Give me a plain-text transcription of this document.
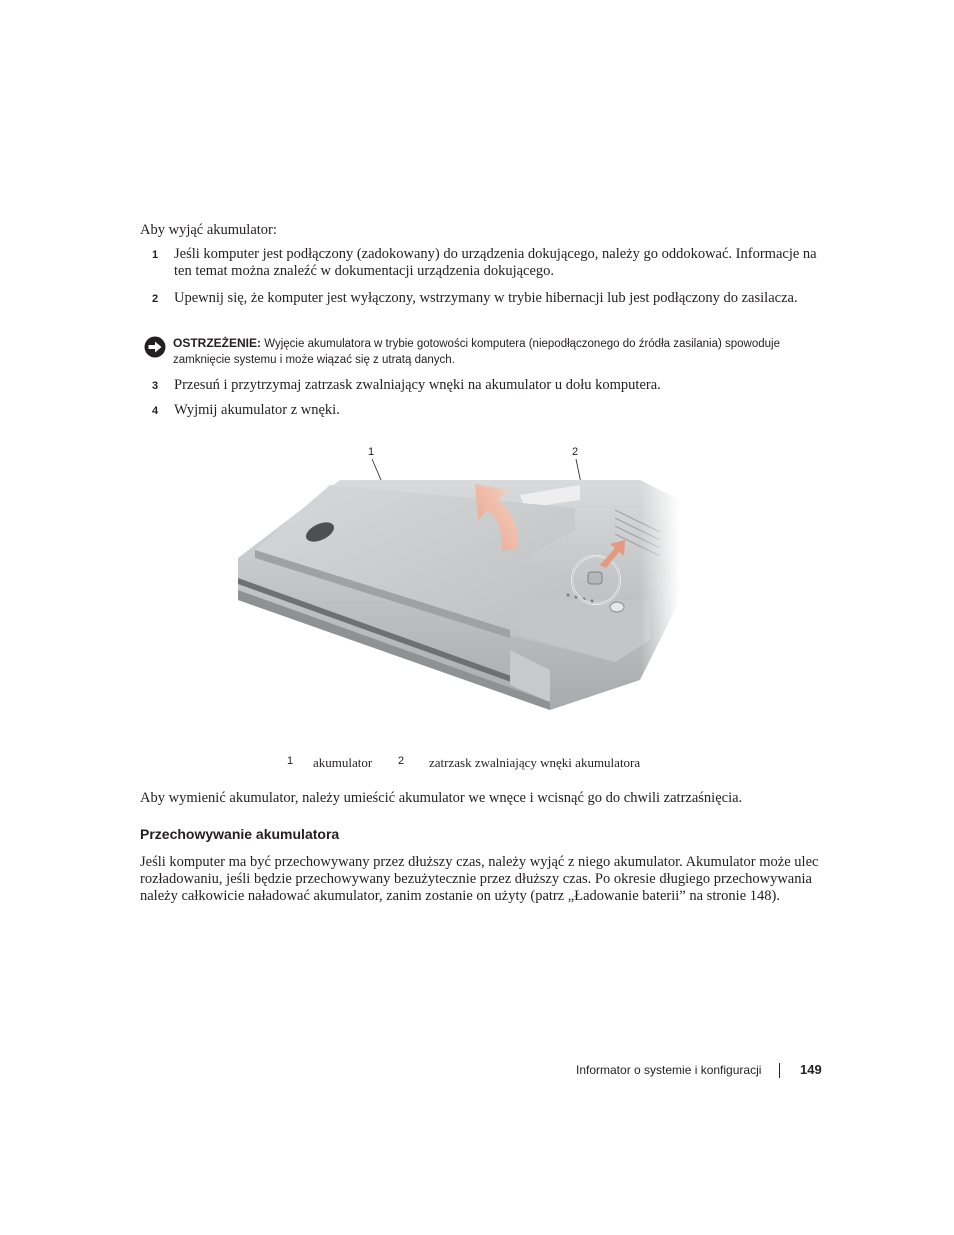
Aby wyjąć akumulator:
1 Jeśli komputer jest podłączony (zadokowany) do urządzenia dokującego, należy go oddokować. Informacje na ten temat można znaleźć w dokumentacji urządzenia dokującego.
2 Upewnij się, że komputer jest wyłączony, wstrzymany w trybie hibernacji lub jest podłączony do zasilacza.
OSTRZEŻENIE: Wyjęcie akumulatora w trybie gotowości komputera (niepodłączonego do źródła zasilania) spowoduje zamknięcie systemu i może wiązać się z utratą danych.
3 Przesuń i przytrzymaj zatrzask zwalniający wnęki na akumulator u dołu komputera.
4 Wyjmij akumulator z wnęki.
1	2
1 akumulator 2 zatrzask zwalniający wnęki akumulatora
Aby wymienić akumulator, należy umieścić akumulator we wnęce i wcisnąć go do chwili zatrzaśnięcia.
Przechowywanie akumulatora
Jeśli komputer ma być przechowywany przez dłuższy czas, należy wyjąć z niego akumulator. Akumulator może ulec rozładowaniu, jeśli będzie przechowywany bezużytecznie przez dłuższy czas. Po okresie długiego przechowywania należy całkowicie naładować akumulator, zanim zostanie on użyty (patrz „Ładowanie baterii” na stronie 148).
Informator o systemie i konfiguracji	149
